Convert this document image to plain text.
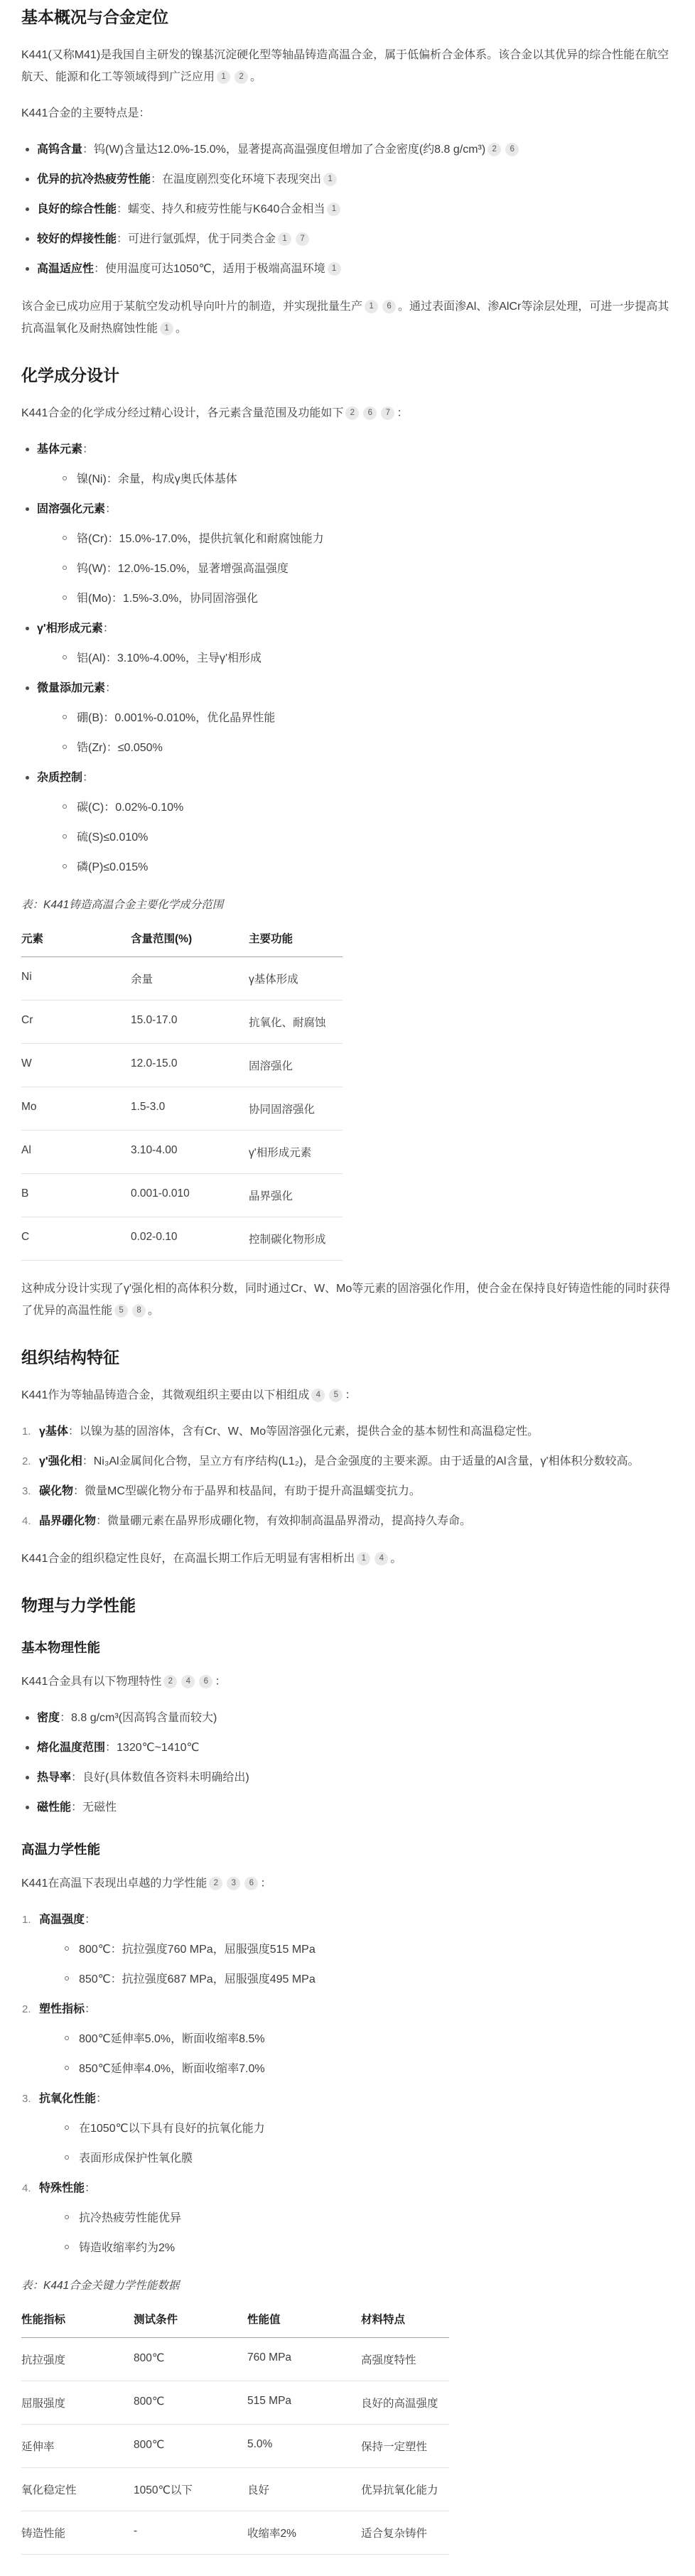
基本概况与合金定位

K441(又称M41)是我国自主研发的镍基沉淀硬化型等轴晶铸造高温合金，属于低偏析合金体系。该合金以其优异的综合性能在航空航天、能源和化工等领域得到广泛应用 1 2 。

K441合金的主要特点是：

高钨含量：钨(W)含量达12.0%-15.0%，显著提高高温强度但增加了合金密度(约8.8 g/cm³) 2 6
优异的抗冷热疲劳性能：在温度剧烈变化环境下表现突出 1
良好的综合性能：蠕变、持久和疲劳性能与K640合金相当 1
较好的焊接性能：可进行氩弧焊，优于同类合金 1 7
高温适应性：使用温度可达1050℃，适用于极端高温环境 1

该合金已成功应用于某航空发动机导向叶片的制造，并实现批量生产 1 6 。通过表面渗Al、渗AlCr等涂层处理，可进一步提高其抗高温氧化及耐热腐蚀性能 1 。

化学成分设计

K441合金的化学成分经过精心设计，各元素含量范围及功能如下 2 6 7 ：

基体元素：
镍(Ni)：余量，构成γ奥氏体基体
固溶强化元素：
铬(Cr)：15.0%-17.0%，提供抗氧化和耐腐蚀能力
钨(W)：12.0%-15.0%，显著增强高温强度
钼(Mo)：1.5%-3.0%，协同固溶强化
γ'相形成元素：
铝(Al)：3.10%-4.00%，主导γ'相形成
微量添加元素：
硼(B)：0.001%-0.010%，优化晶界性能
锆(Zr)：≤0.050%
杂质控制：
碳(C)：0.02%-0.10%
硫(S)≤0.010%
磷(P)≤0.015%

表：K441铸造高温合金主要化学成分范围

元素	含量范围(%)	主要功能
Ni	余量	γ基体形成
Cr	15.0-17.0	抗氧化、耐腐蚀
W	12.0-15.0	固溶强化
Mo	1.5-3.0	协同固溶强化
Al	3.10-4.00	γ'相形成元素
B	0.001-0.010	晶界强化
C	0.02-0.10	控制碳化物形成

这种成分设计实现了γ'强化相的高体积分数，同时通过Cr、W、Mo等元素的固溶强化作用，使合金在保持良好铸造性能的同时获得了优异的高温性能 5 8 。

组织结构特征

K441作为等轴晶铸造合金，其微观组织主要由以下相组成 4 5 ：

γ基体：以镍为基的固溶体，含有Cr、W、Mo等固溶强化元素，提供合金的基本韧性和高温稳定性。
γ'强化相：Ni₃Al金属间化合物，呈立方有序结构(L1₂)，是合金强度的主要来源。由于适量的Al含量，γ'相体积分数较高。
碳化物：微量MC型碳化物分布于晶界和枝晶间，有助于提升高温蠕变抗力。
晶界硼化物：微量硼元素在晶界形成硼化物，有效抑制高温晶界滑动，提高持久寿命。

K441合金的组织稳定性良好，在高温长期工作后无明显有害相析出 1 4 。

物理与力学性能
基本物理性能

K441合金具有以下物理特性 2 4 6 ：

密度：8.8 g/cm³(因高钨含量而较大)
熔化温度范围：1320℃~1410℃
热导率：良好(具体数值各资料未明确给出)
磁性能：无磁性
高温力学性能

K441在高温下表现出卓越的力学性能 2 3 6 ：

高温强度：
800℃：抗拉强度760 MPa，屈服强度515 MPa
850℃：抗拉强度687 MPa，屈服强度495 MPa
塑性指标：
800℃延伸率5.0%，断面收缩率8.5%
850℃延伸率4.0%，断面收缩率7.0%
抗氧化性能：
在1050℃以下具有良好的抗氧化能力
表面形成保护性氧化膜
特殊性能：
抗冷热疲劳性能优异
铸造收缩率约为2%

表：K441合金关键力学性能数据

性能指标	测试条件	性能值	材料特点
抗拉强度	800℃	760 MPa	高强度特性
屈服强度	800℃	515 MPa	良好的高温强度
延伸率	800℃	5.0%	保持一定塑性
氧化稳定性	1050℃以下	良好	优异抗氧化能力
铸造性能	-	收缩率2%	适合复杂铸件
